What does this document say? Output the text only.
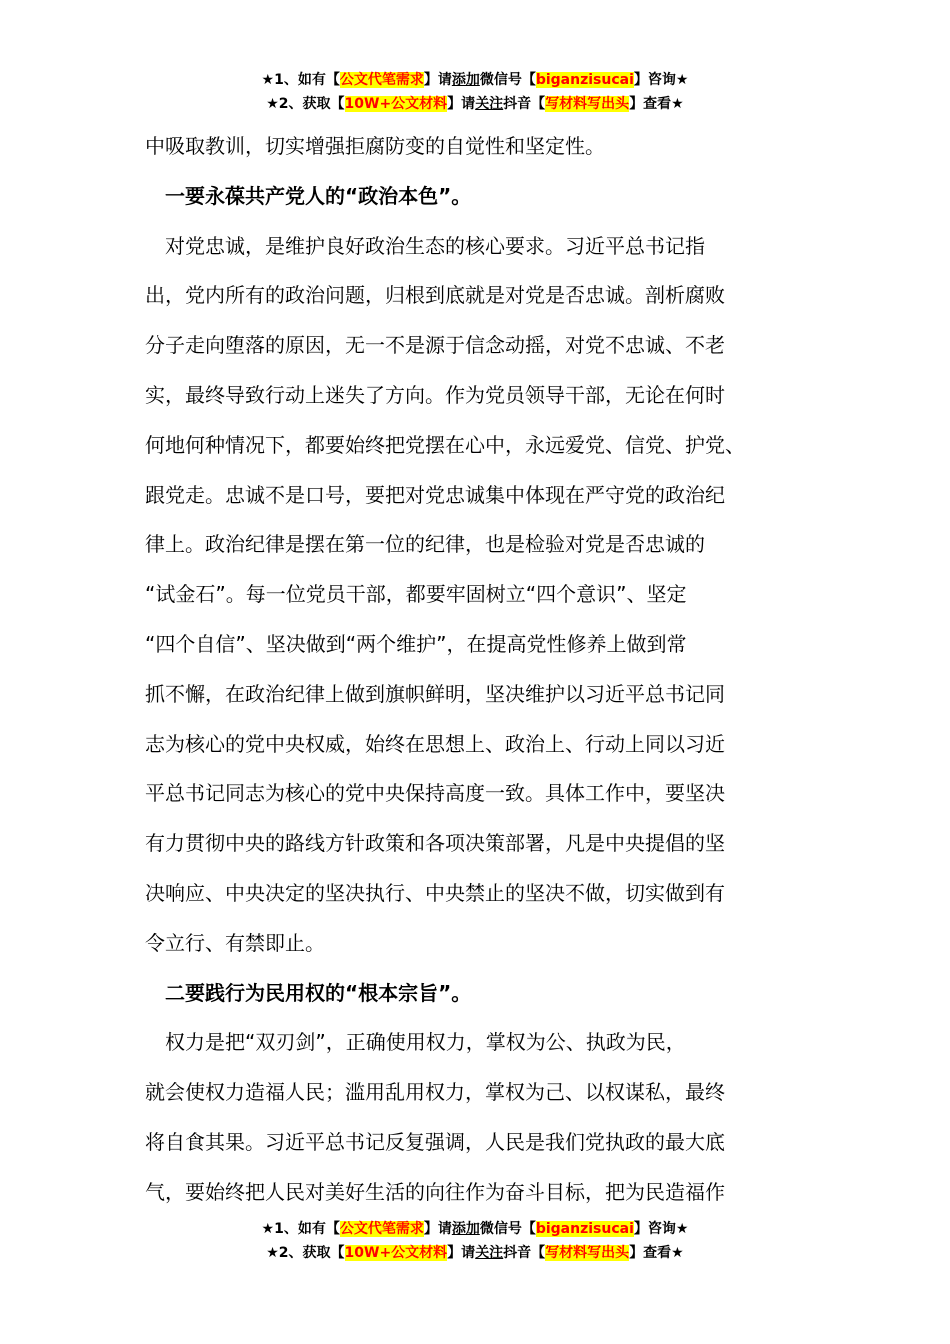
★1、如有【公文代笔需求】请添加微信号【biganzisucai】咨询★
★2、获取【10W+公文材料】请关注抖音【写材料写出头】查看★

中吸取教训，切实增强拒腐防变的自觉性和坚定性。

　一要永葆共产党人的“政治本色”。

　对党忠诚，是维护良好政治生态的核心要求。习近平总书记指

出，党内所有的政治问题，归根到底就是对党是否忠诚。剖析腐败

分子走向堕落的原因，无一不是源于信念动摇，对党不忠诚、不老

实，最终导致行动上迷失了方向。作为党员领导干部，无论在何时

何地何种情况下，都要始终把党摆在心中，永远爱党、信党、护党、

跟党走。忠诚不是口号，要把对党忠诚集中体现在严守党的政治纪

律上。政治纪律是摆在第一位的纪律，也是检验对党是否忠诚的

“试金石”。每一位党员干部，都要牢固树立“四个意识”、坚定

“四个自信”、坚决做到“两个维护”，在提高党性修养上做到常

抓不懈，在政治纪律上做到旗帜鲜明，坚决维护以习近平总书记同

志为核心的党中央权威，始终在思想上、政治上、行动上同以习近

平总书记同志为核心的党中央保持高度一致。具体工作中，要坚决

有力贯彻中央的路线方针政策和各项决策部署，凡是中央提倡的坚

决响应、中央决定的坚决执行、中央禁止的坚决不做，切实做到有

令立行、有禁即止。

　二要践行为民用权的“根本宗旨”。

　权力是把“双刃剑”，正确使用权力，掌权为公、执政为民，

就会使权力造福人民；滥用乱用权力，掌权为己、以权谋私，最终

将自食其果。习近平总书记反复强调，人民是我们党执政的最大底

气，要始终把人民对美好生活的向往作为奋斗目标，把为民造福作

★1、如有【公文代笔需求】请添加微信号【biganzisucai】咨询★
★2、获取【10W+公文材料】请关注抖音【写材料写出头】查看★
